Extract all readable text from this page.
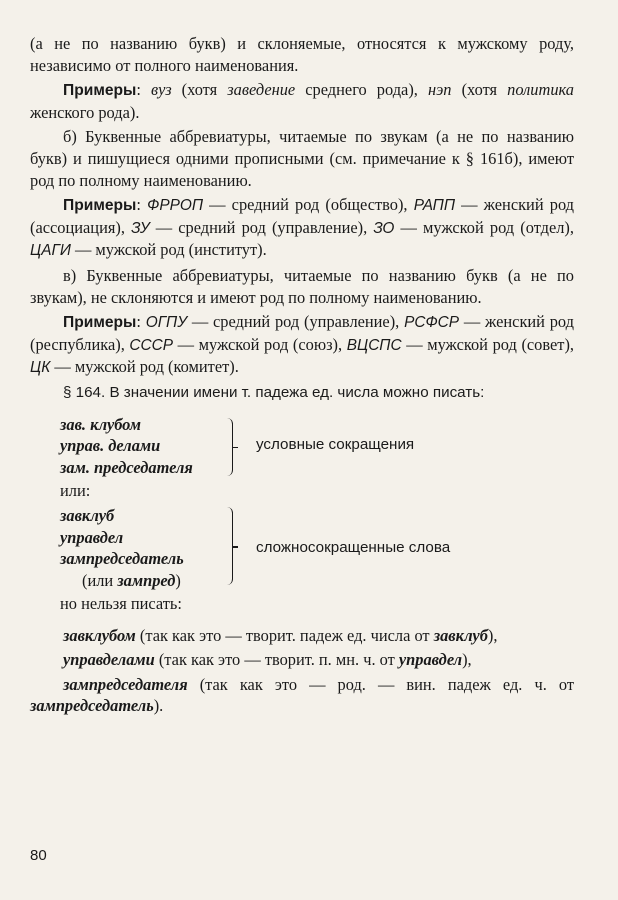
(а не по названию букв) и склоняемые, относятся к мужскому роду, независимо от полного наименования.

Примеры: вуз (хотя заведение среднего рода), нэп (хотя политика женского рода).

б) Буквенные аббревиатуры, читаемые по звукам (а не по названию букв) и пишущиеся одними прописными (см. примечание к § 161б), имеют род по полному наименованию.

Примеры: ФРРОП — средний род (общество), РАПП — женский род (ассоциация), ЗУ — средний род (управление), ЗО — мужской род (отдел), ЦАГИ — мужской род (институт).

в) Буквенные аббревиатуры, читаемые по названию букв (а не по звукам), не склоняются и имеют род по полному наименованию.

Примеры: ОГПУ — средний род (управление), РСФСР — женский род (республика), СССР — мужской род (союз), ВЦСПС — мужской род (совет), ЦК — мужской род (комитет).

§ 164. В значении имени т. падежа ед. числа можно писать:

зав. клубом
управ. делами
зам. председателя
условные сокращения
или:
завклуб
управдел
зампредседатель
(или зампред)
сложносокращенные слова
но нельзя писать:

завклубом (так как это — творит. падеж ед. числа от завклуб),

управделами (так как это — творит. п. мн. ч. от управдел),

зампредседателя (так как это — род. — вин. падеж ед. ч. от зампредседатель).

80
